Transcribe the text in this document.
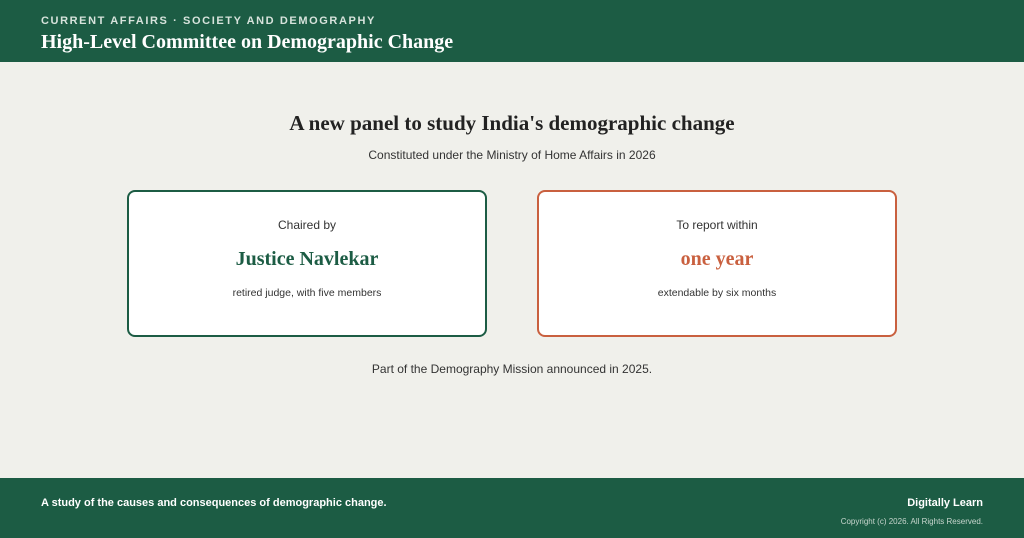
CURRENT AFFAIRS · SOCIETY AND DEMOGRAPHY
High-Level Committee on Demographic Change
A new panel to study India's demographic change
Constituted under the Ministry of Home Affairs in 2026
Chaired by
Justice Navlekar
retired judge, with five members
To report within
one year
extendable by six months
Part of the Demography Mission announced in 2025.
A study of the causes and consequences of demographic change.	Digitally Learn
Copyright (c) 2026. All Rights Reserved.
